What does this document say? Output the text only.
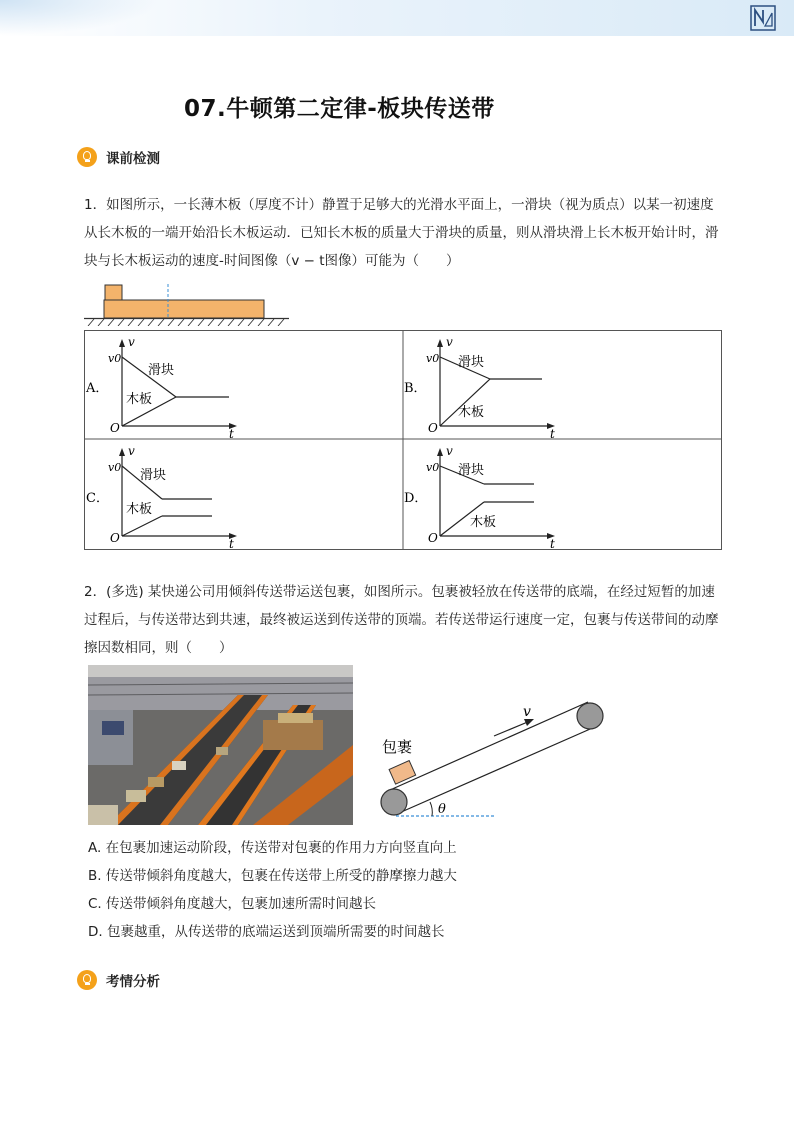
07.牛顿第二定律-板块传送带
课前检测
1．如图所示，一长薄木板（厚度不计）静置于足够大的光滑水平面上，一滑块（视为质点）以某一初速度从长木板的一端开始沿长木板运动．已知长木板的质量大于滑块的质量，则从滑块滑上长木板开始计时，滑块与长木板运动的速度-时间图像（v − t图像）可能为（　　）
A．
v
v0
O	t
滑块
木板
B．
v
v0
O	t
滑块
木板
C．
v
v0
O	t
滑块
木板
D．
v
v0
O	t
滑块
木板
2．(多选) 某快递公司用倾斜传送带运送包裹，如图所示。包裹被轻放在传送带的底端，在经过短暂的加速过程后，与传送带达到共速，最终被运送到传送带的顶端。若传送带运行速度一定，包裹与传送带间的动摩擦因数相同，则（　　）
v
包裹
θ
A. 在包裹加速运动阶段，传送带对包裹的作用力方向竖直向上
B. 传送带倾斜角度越大，包裹在传送带上所受的静摩擦力越大
C. 传送带倾斜角度越大，包裹加速所需时间越长
D. 包裹越重，从传送带的底端运送到顶端所需要的时间越长
考情分析
